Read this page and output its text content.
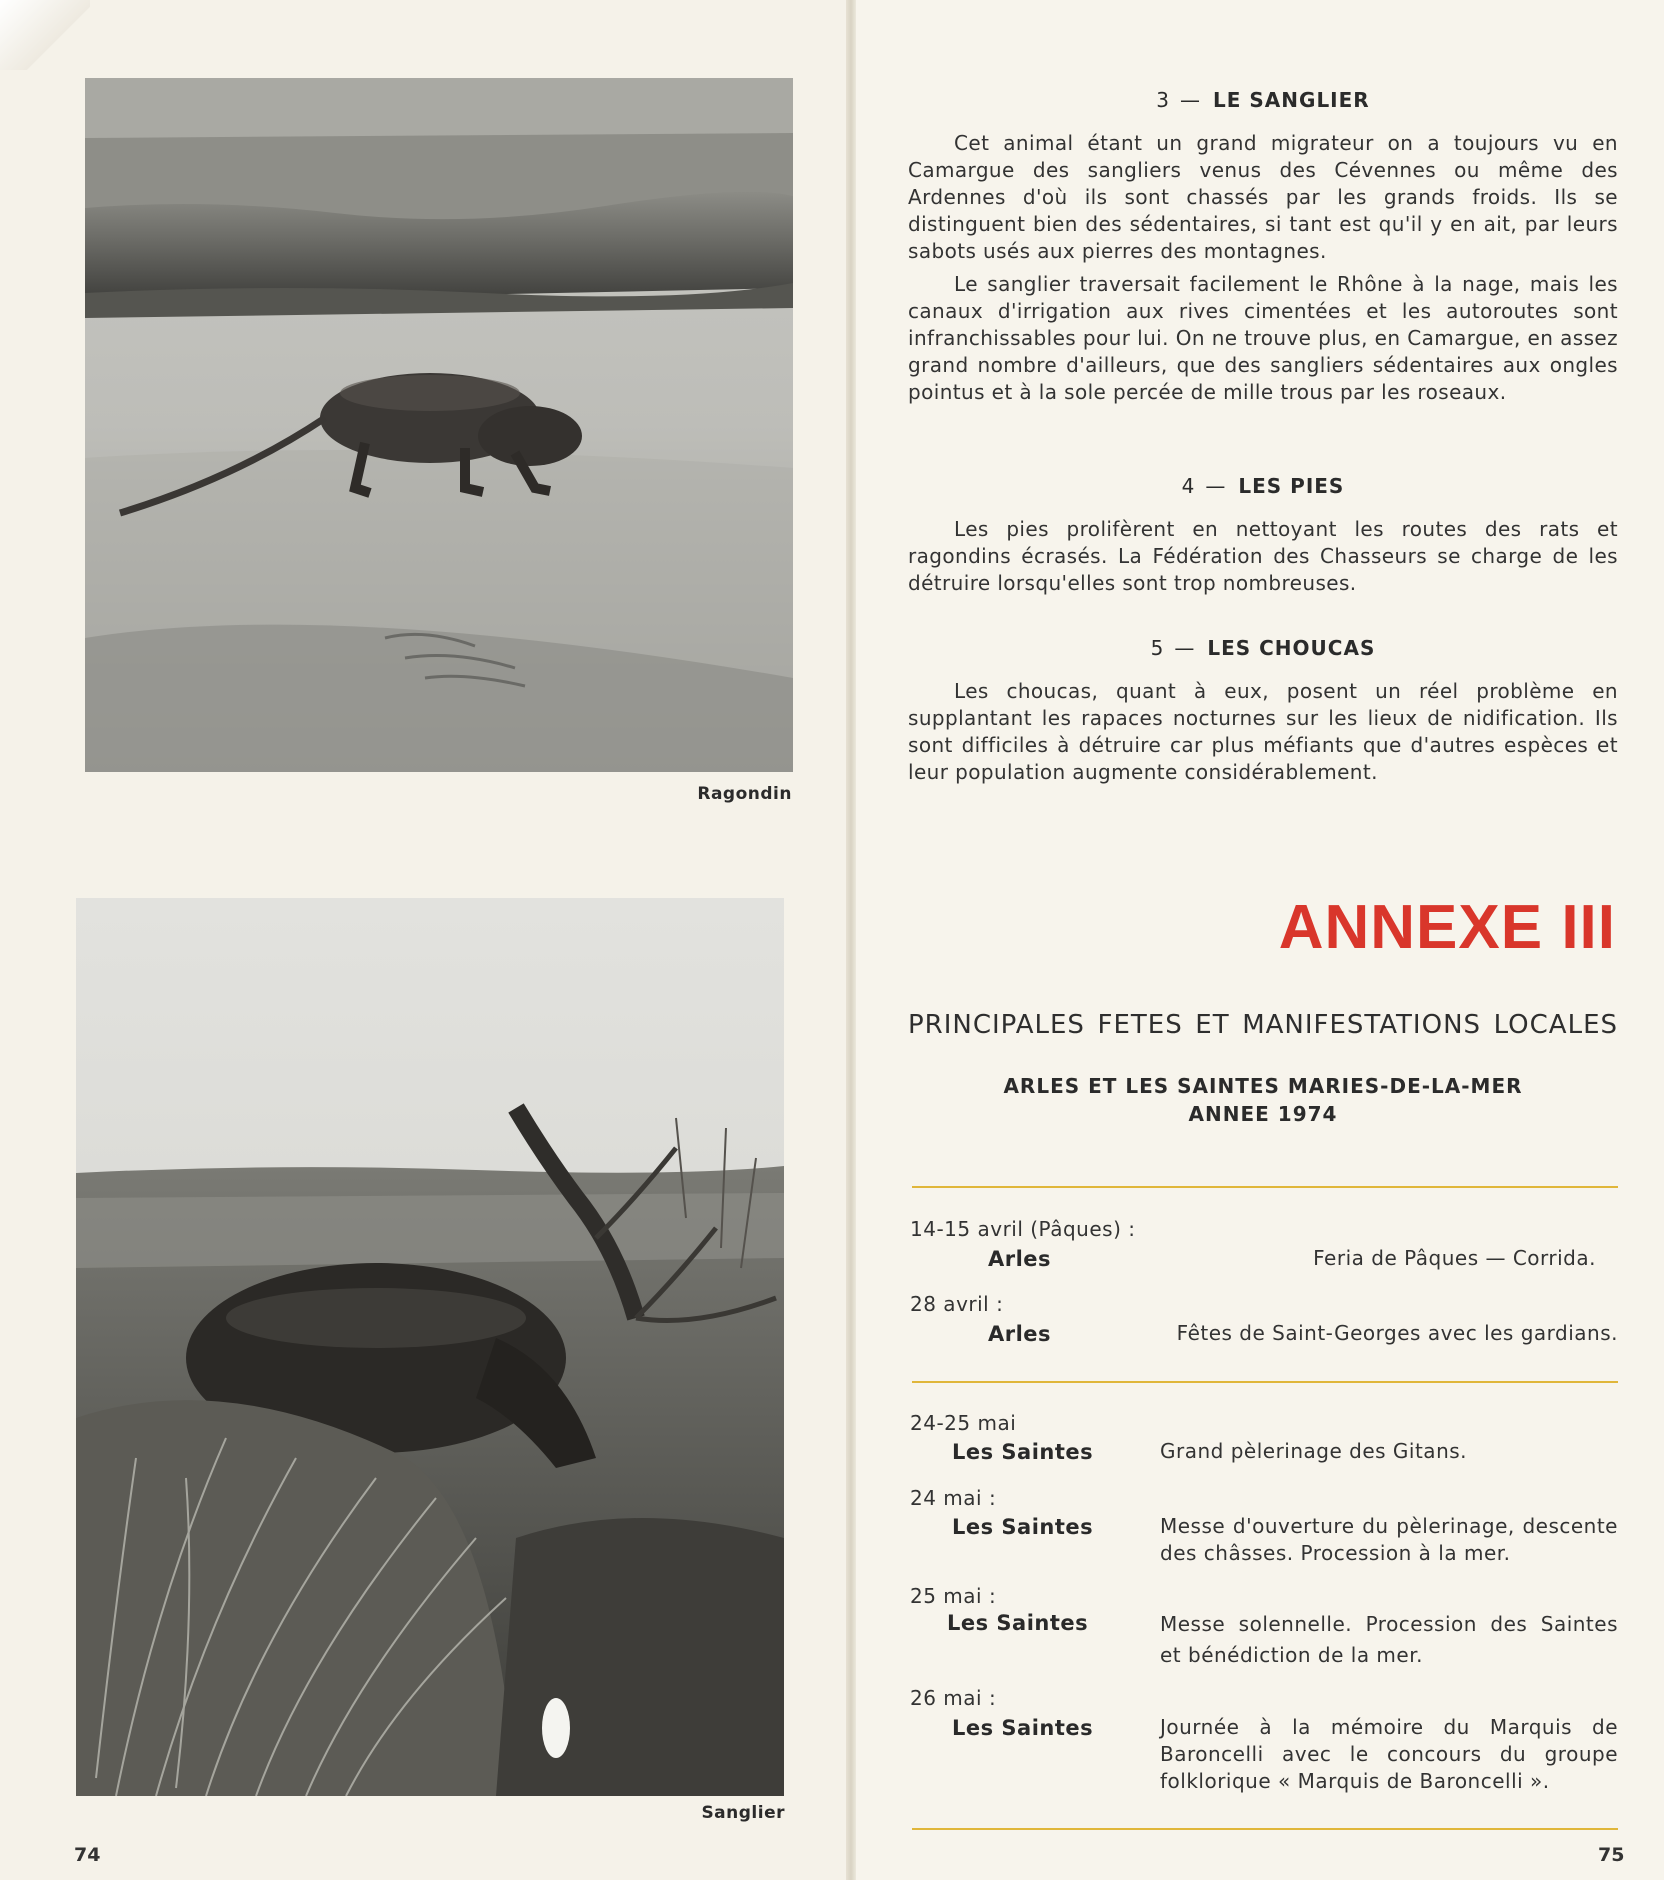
Ragondin
Sanglier
74
3 — LE SANGLIER

Cet animal étant un grand migrateur on a toujours vu en Camargue des sangliers venus des Cévennes ou même des Ardennes d'où ils sont chassés par les grands froids. Ils se distinguent bien des sédentaires, si tant est qu'il y en ait, par leurs sabots usés aux pierres des montagnes.

Le sanglier traversait facilement le Rhône à la nage, mais les canaux d'irrigation aux rives cimentées et les autoroutes sont infranchissables pour lui. On ne trouve plus, en Camargue, en assez grand nombre d'ailleurs, que des sangliers sédentaires aux ongles pointus et à la sole percée de mille trous par les roseaux.

4 — LES PIES

Les pies prolifèrent en nettoyant les routes des rats et ragondins écrasés. La Fédération des Chasseurs se charge de les détruire lorsqu'elles sont trop nombreuses.

5 — LES CHOUCAS

Les choucas, quant à eux, posent un réel problème en supplantant les rapaces nocturnes sur les lieux de nidification. Ils sont difficiles à détruire car plus méfiants que d'autres espèces et leur population augmente considérablement.

ANNEXE III
PRINCIPALES FETES ET MANIFESTATIONS LOCALES
ARLES ET LES SAINTES MARIES-DE-LA-MER
ANNEE 1974
14-15 avril (Pâques) :
Arles	Feria de Pâques — Corrida.
28 avril :
Arles	Fêtes de Saint-Georges avec les gardians.
24-25 mai
Les Saintes	Grand pèlerinage des Gitans.
24 mai :
Les Saintes	Messe d'ouverture du pèlerinage, descente des châsses. Procession à la mer.
25 mai :
Les Saintes	Messe solennelle. Procession des Saintes et bénédiction de la mer.
26 mai :
Les Saintes	Journée à la mémoire du Marquis de Baroncelli avec le concours du groupe folklorique « Marquis de Baroncelli ».
75
